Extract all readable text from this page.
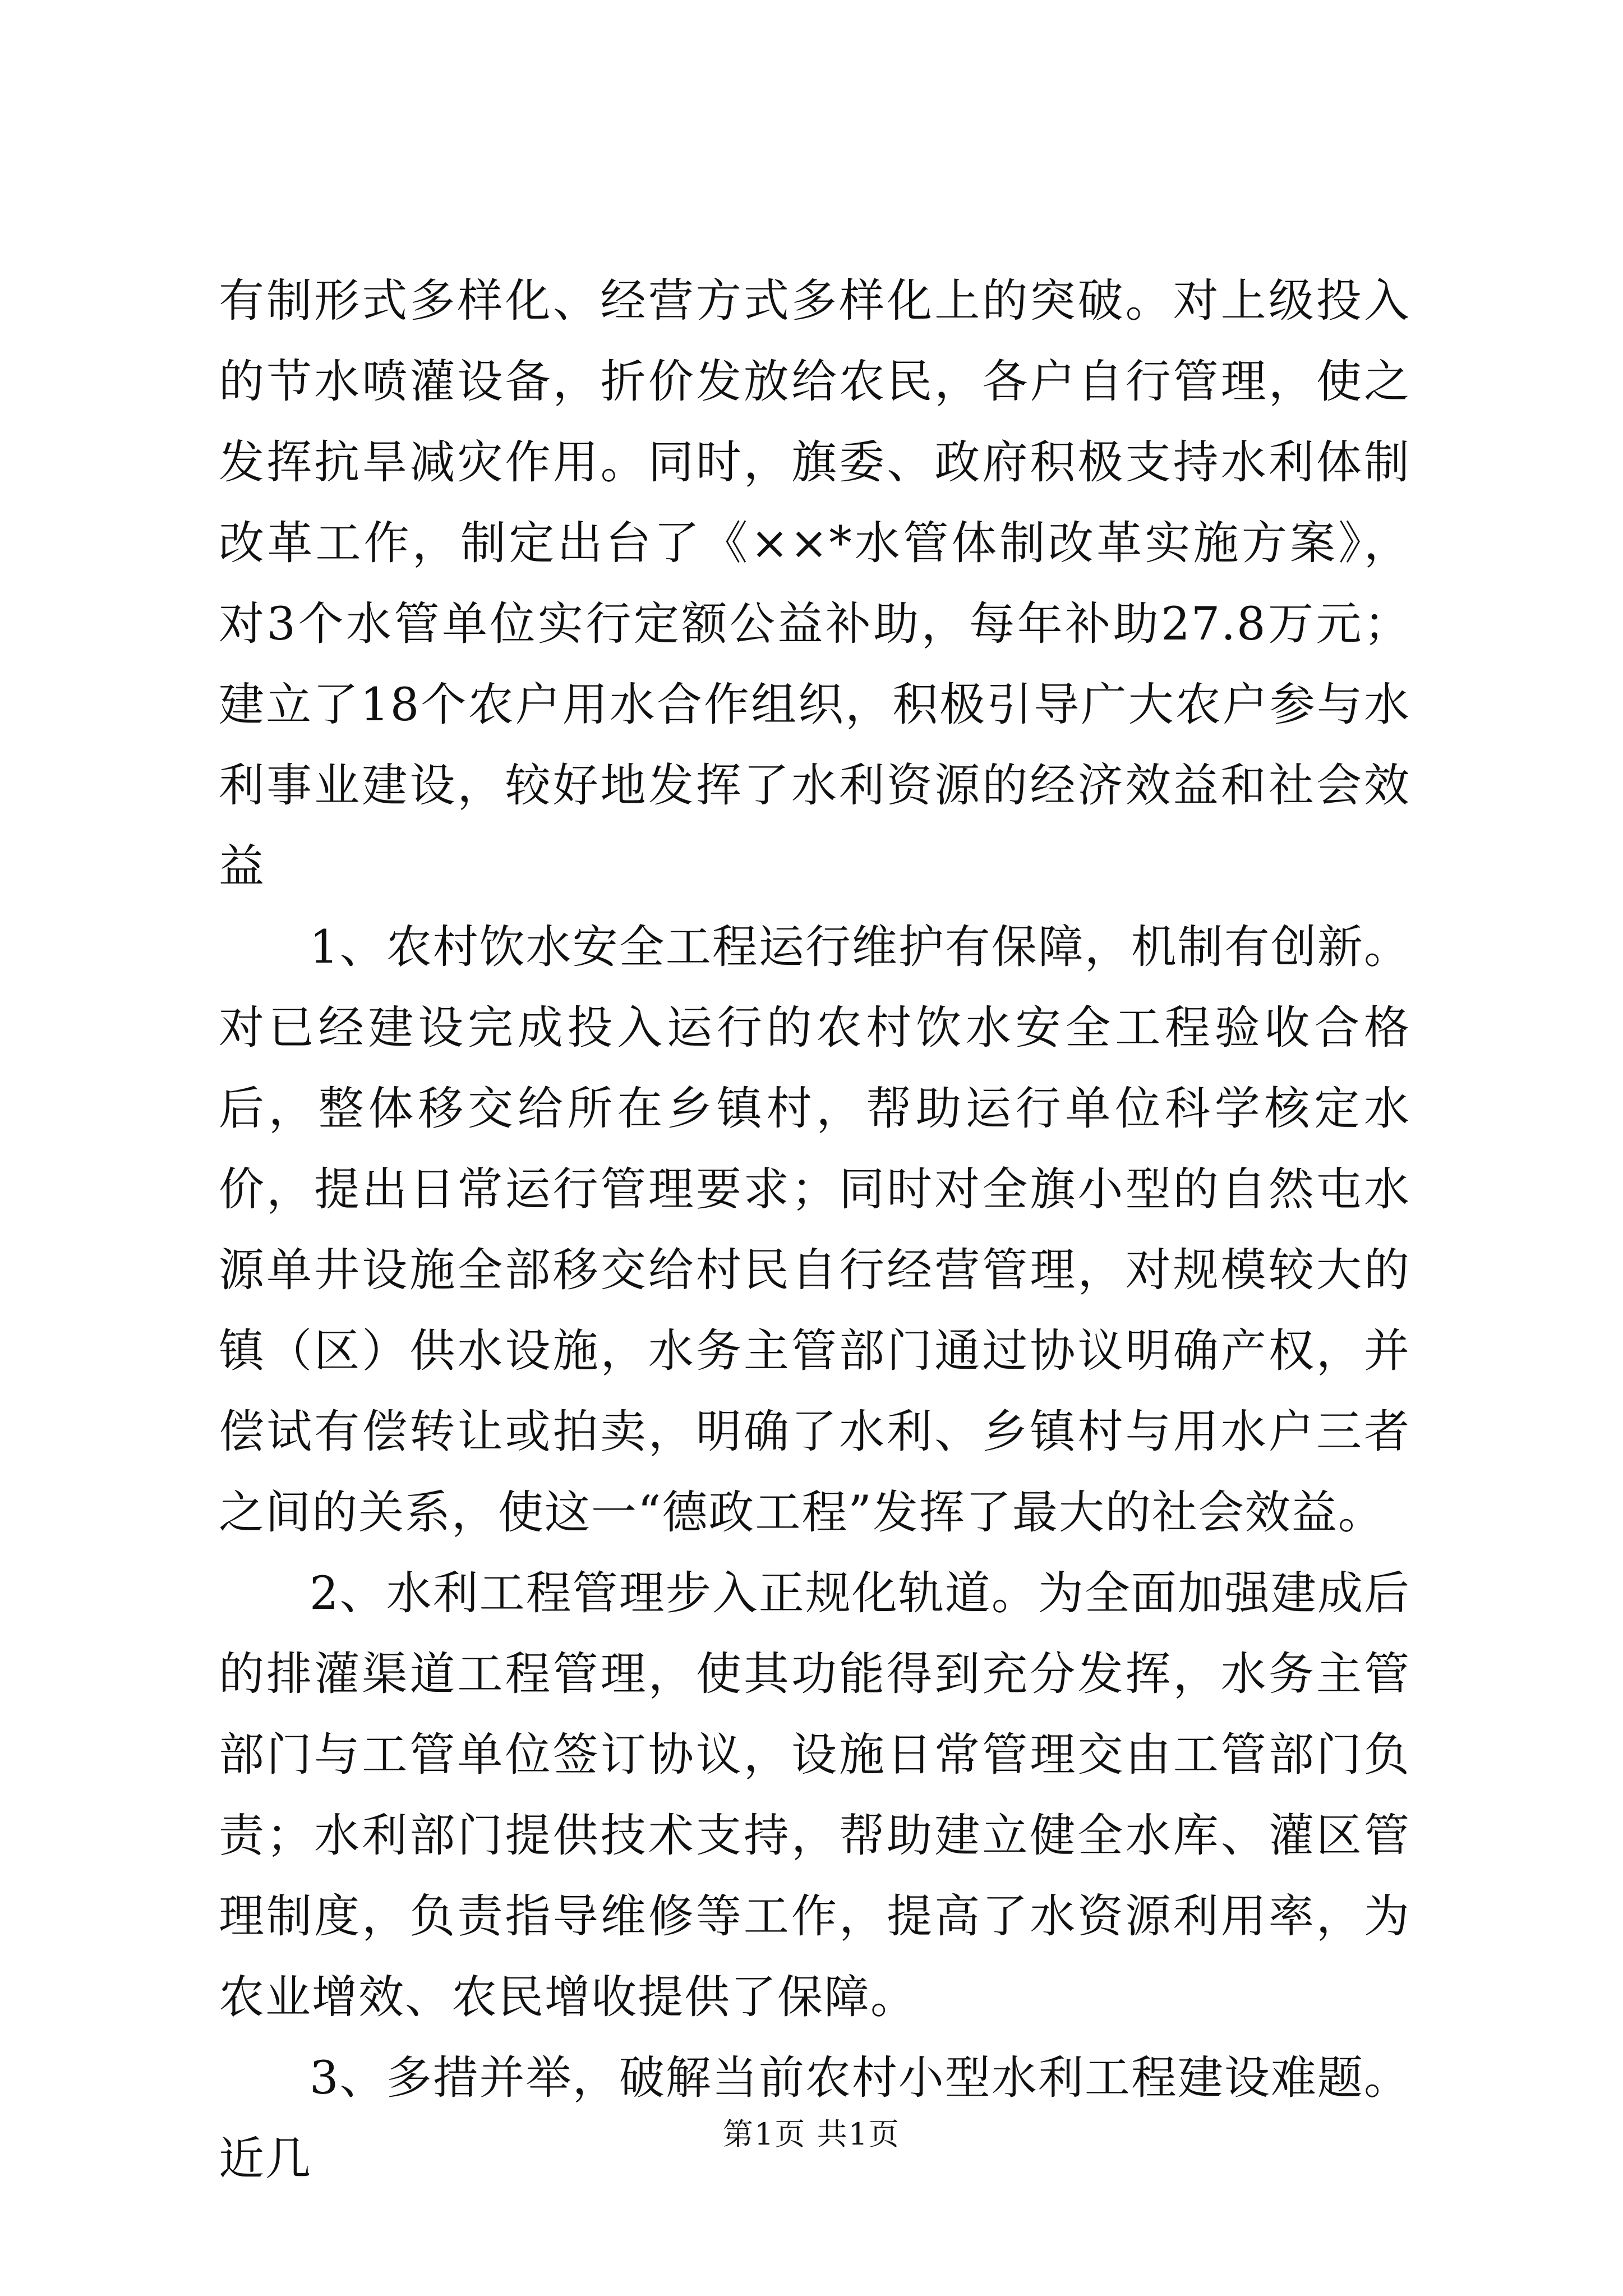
有制形式多样化、经营方式多样化上的突破。对上级投入的节水喷灌设备，折价发放给农民，各户自行管理，使之发挥抗旱减灾作用。同时，旗委、政府积极支持水利体制改革工作，制定出台了《××*水管体制改革实施方案》，对3个水管单位实行定额公益补助，每年补助27.8万元；建立了18个农户用水合作组织，积极引导广大农户参与水利事业建设，较好地发挥了水利资源的经济效益和社会效益

1、农村饮水安全工程运行维护有保障，机制有创新。对已经建设完成投入运行的农村饮水安全工程验收合格后，整体移交给所在乡镇村，帮助运行单位科学核定水价，提出日常运行管理要求；同时对全旗小型的自然屯水源单井设施全部移交给村民自行经营管理，对规模较大的镇（区）供水设施，水务主管部门通过协议明确产权，并偿试有偿转让或拍卖，明确了水利、乡镇村与用水户三者之间的关系，使这一“德政工程”发挥了最大的社会效益。

2、水利工程管理步入正规化轨道。为全面加强建成后的排灌渠道工程管理，使其功能得到充分发挥，水务主管部门与工管单位签订协议，设施日常管理交由工管部门负责；水利部门提供技术支持，帮助建立健全水库、灌区管理制度，负责指导维修等工作，提高了水资源利用率，为农业增效、农民增收提供了保障。

3、多措并举，破解当前农村小型水利工程建设难题。近几	第1页 共1页
